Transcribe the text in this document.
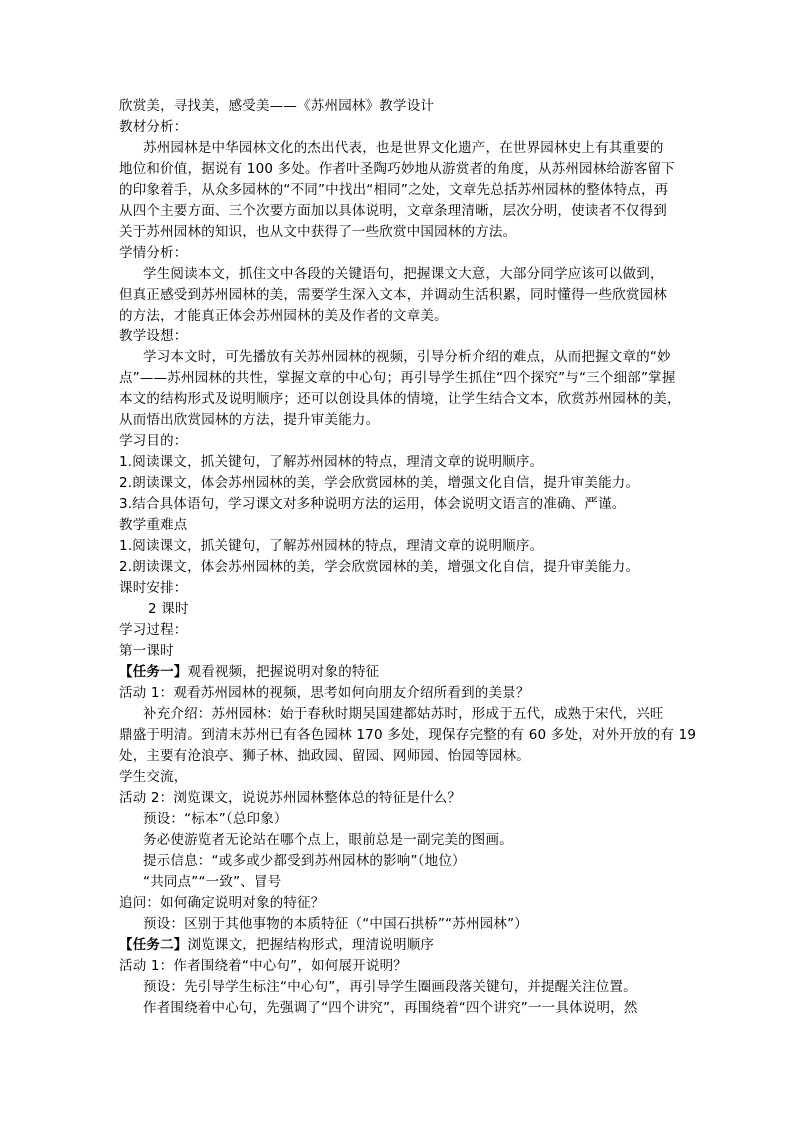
欣赏美，寻找美，感受美——《苏州园林》教学设计
教材分析：
苏州园林是中华园林文化的杰出代表，也是世界文化遗产，在世界园林史上有其重要的
地位和价值，据说有 100 多处。作者叶圣陶巧妙地从游赏者的角度，从苏州园林给游客留下
的印象着手，从众多园林的“不同”中找出“相同”之处，文章先总括苏州园林的整体特点，再
从四个主要方面、三个次要方面加以具体说明，文章条理清晰，层次分明，使读者不仅得到
关于苏州园林的知识，也从文中获得了一些欣赏中国园林的方法。
学情分析：
学生阅读本文，抓住文中各段的关键语句，把握课文大意，大部分同学应该可以做到，
但真正感受到苏州园林的美，需要学生深入文本，并调动生活积累，同时懂得一些欣赏园林
的方法，才能真正体会苏州园林的美及作者的文章美。
教学设想：
学习本文时，可先播放有关苏州园林的视频，引导分析介绍的难点，从而把握文章的“妙
点”——苏州园林的共性，掌握文章的中心句；再引导学生抓住“四个探究”与“三个细部”掌握
本文的结构形式及说明顺序；还可以创设具体的情境，让学生结合文本，欣赏苏州园林的美，
从而悟出欣赏园林的方法，提升审美能力。
学习目的：
1.阅读课文，抓关键句，了解苏州园林的特点，理清文章的说明顺序。
2.朗读课文，体会苏州园林的美，学会欣赏园林的美，增强文化自信，提升审美能力。
3.结合具体语句，学习课文对多种说明方法的运用，体会说明文语言的准确、严谨。
教学重难点
1.阅读课文，抓关键句，了解苏州园林的特点，理清文章的说明顺序。
2.朗读课文，体会苏州园林的美，学会欣赏园林的美，增强文化自信，提升审美能力。
课时安排：
2 课时
学习过程：
第一课时
【任务一】观看视频，把握说明对象的特征
活动 1：观看苏州园林的视频，思考如何向朋友介绍所看到的美景？
补充介绍：苏州园林：始于春秋时期吴国建都姑苏时，形成于五代，成熟于宋代，兴旺
鼎盛于明清。到清末苏州已有各色园林 170 多处，现保存完整的有 60 多处，对外开放的有 19
处，主要有沧浪亭、狮子林、拙政园、留园、网师园、怡园等园林。
学生交流，
活动 2：浏览课文，说说苏州园林整体总的特征是什么？
预设：“标本”（总印象）
务必使游览者无论站在哪个点上，眼前总是一副完美的图画。
提示信息：“或多或少都受到苏州园林的影响”（地位）
“共同点”“一致”、冒号
追问：如何确定说明对象的特征？
预设：区别于其他事物的本质特征（“中国石拱桥”“苏州园林”）
【任务二】浏览课文，把握结构形式，理清说明顺序
活动 1：作者围绕着“中心句”，如何展开说明？
预设：先引导学生标注“中心句”，再引导学生圈画段落关键句，并提醒关注位置。
作者围绕着中心句，先强调了“四个讲究”，再围绕着“四个讲究”一一具体说明，然
